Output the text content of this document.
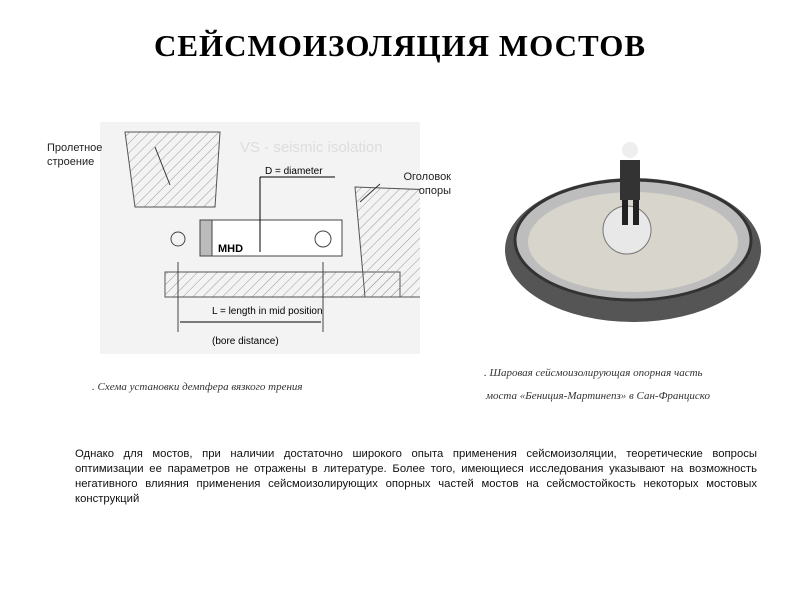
СЕЙСМОИЗОЛЯЦИЯ МОСТОВ
VS - seismic isolation
MHD
D = diameter
L = length in mid position
(bore distance)
Пролетное строение
Оголовок опоры
. Схема установки демпфера вязкого трения
. Шаровая сейсмоизолирующая опорная часть
моста «Бениция-Мартинеnз» в Сан-Франциско
Однако для мостов, при наличии достаточно широкого опыта применения сейсмоизоляции, теоретические вопросы оптимизации ее параметров не отражены в литературе. Более того, имеющиеся исследования указывают на возможность негативного влияния применения сейсмоизолирующих опорных частей мостов на сейсмостойкость некоторых мостовых конструкций
